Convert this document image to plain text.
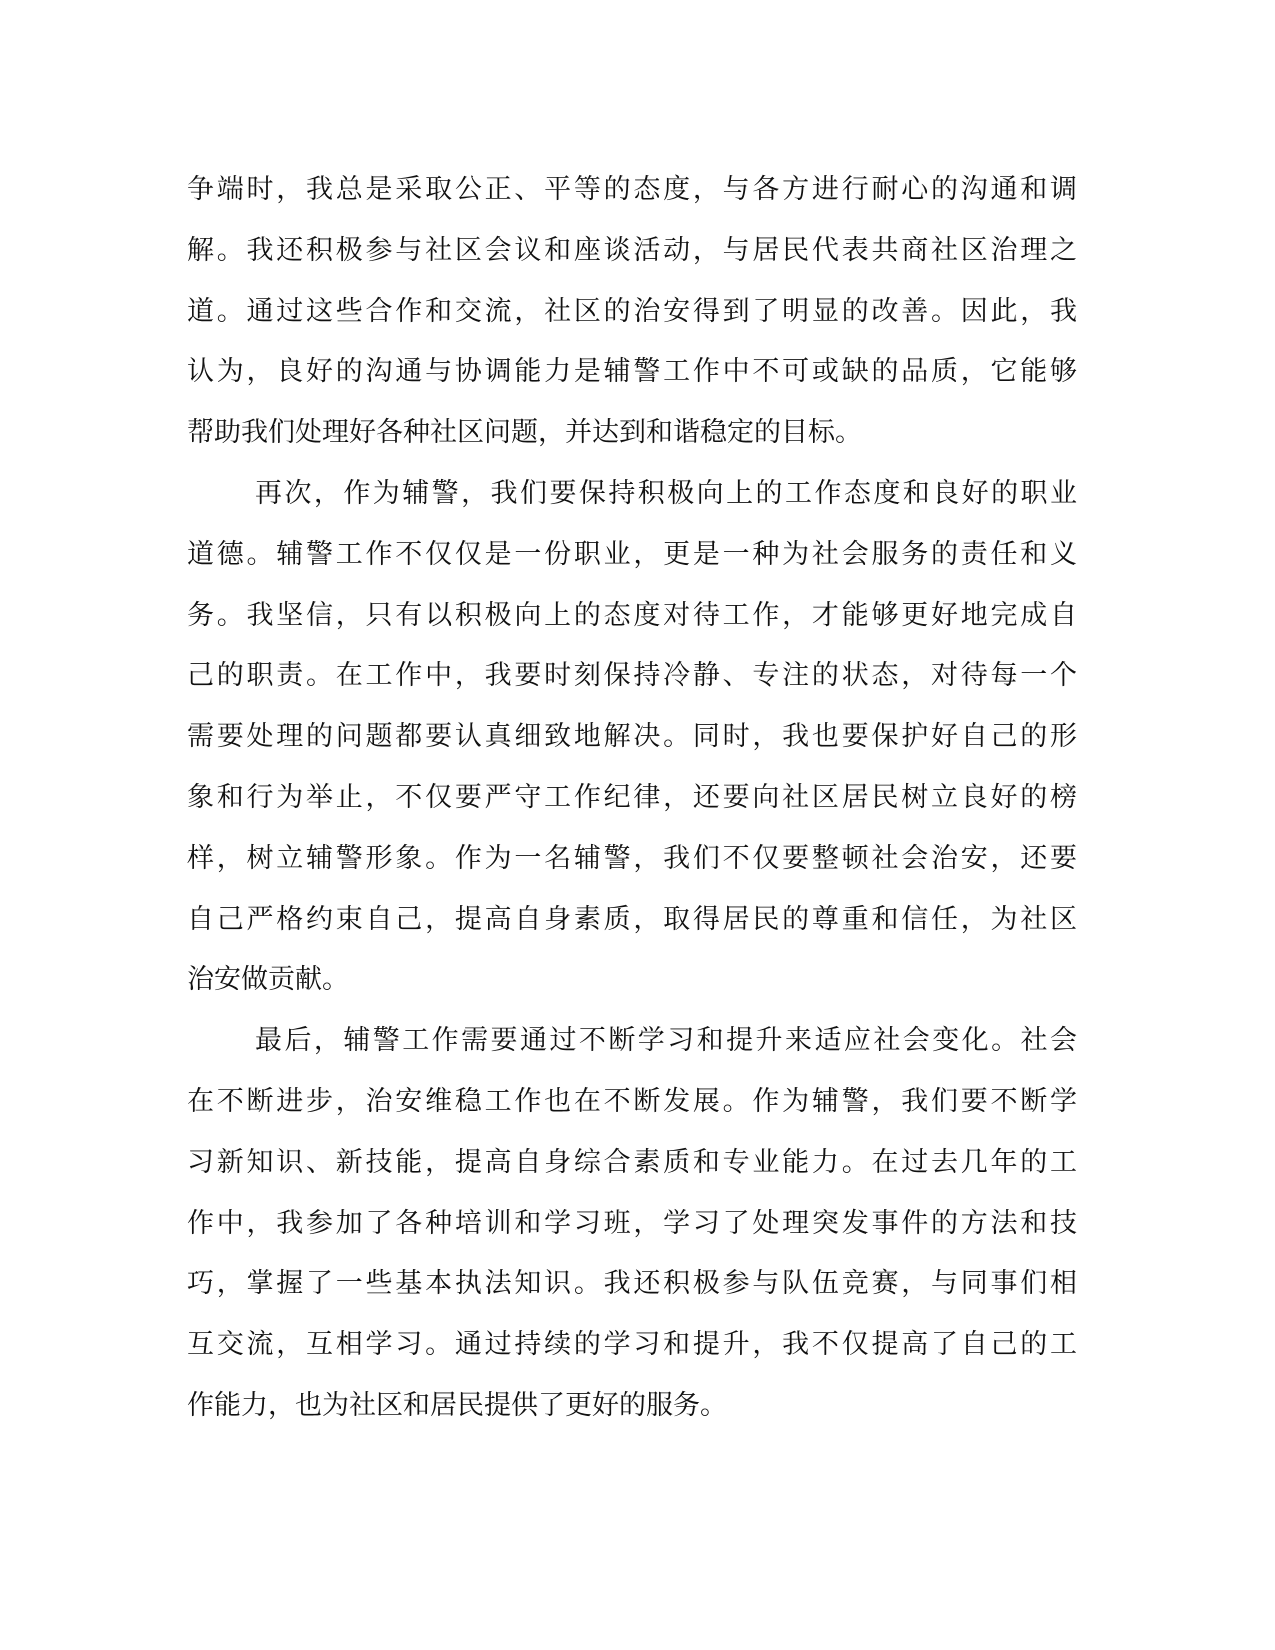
争端时，我总是采取公正、平等的态度，与各方进行耐心的沟通和调
解。我还积极参与社区会议和座谈活动，与居民代表共商社区治理之
道。通过这些合作和交流，社区的治安得到了明显的改善。因此，我
认为，良好的沟通与协调能力是辅警工作中不可或缺的品质，它能够
帮助我们处理好各种社区问题，并达到和谐稳定的目标。
再次，作为辅警，我们要保持积极向上的工作态度和良好的职业
道德。辅警工作不仅仅是一份职业，更是一种为社会服务的责任和义
务。我坚信，只有以积极向上的态度对待工作，才能够更好地完成自
己的职责。在工作中，我要时刻保持冷静、专注的状态，对待每一个
需要处理的问题都要认真细致地解决。同时，我也要保护好自己的形
象和行为举止，不仅要严守工作纪律，还要向社区居民树立良好的榜
样，树立辅警形象。作为一名辅警，我们不仅要整顿社会治安，还要
自己严格约束自己，提高自身素质，取得居民的尊重和信任，为社区
治安做贡献。
最后，辅警工作需要通过不断学习和提升来适应社会变化。社会
在不断进步，治安维稳工作也在不断发展。作为辅警，我们要不断学
习新知识、新技能，提高自身综合素质和专业能力。在过去几年的工
作中，我参加了各种培训和学习班，学习了处理突发事件的方法和技
巧，掌握了一些基本执法知识。我还积极参与队伍竞赛，与同事们相
互交流，互相学习。通过持续的学习和提升，我不仅提高了自己的工
作能力，也为社区和居民提供了更好的服务。
